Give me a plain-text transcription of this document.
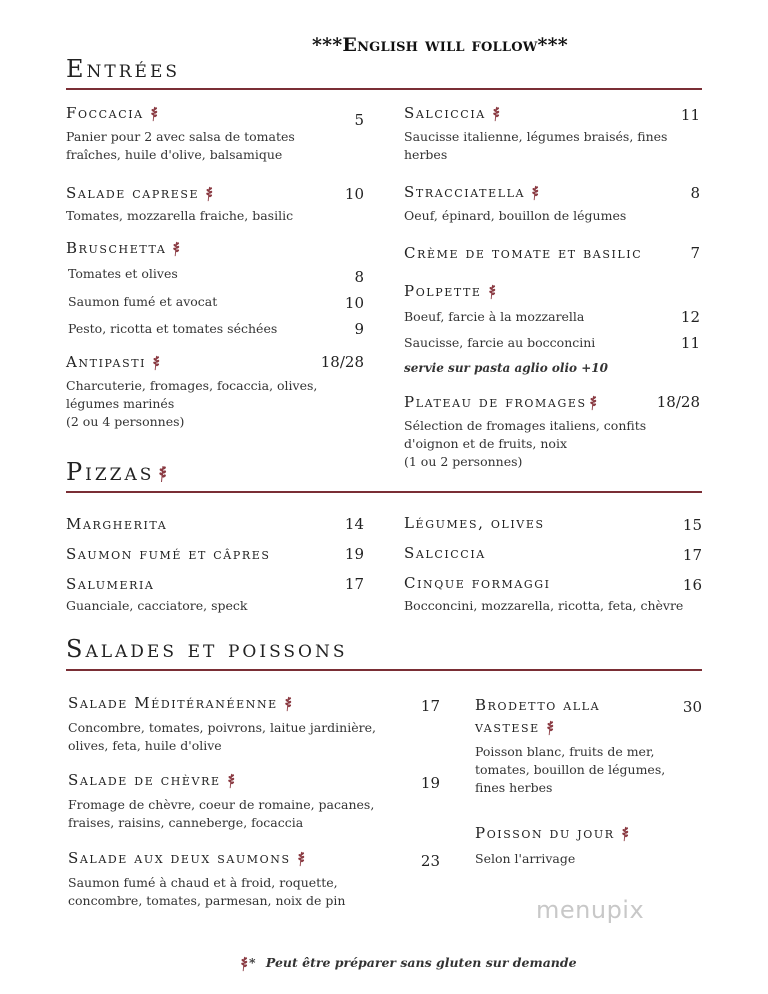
***English will follow***
Entrées
Foccacia
Panier pour 2 avec salsa de tomates fraîches, huile d'olive, balsamique
5
Salade caprese
Tomates, mozzarella fraiche, basilic
10
Bruschetta
Tomates et olives	8
Saumon fumé et avocat	10
Pesto, ricotta et tomates séchées	9
Antipasti
Charcuterie, fromages, focaccia, olives, légumes marinés
(2 ou 4 personnes)
18/28
Salciccia
Saucisse italienne, légumes braisés, fines herbes
11
Stracciatella
Oeuf, épinard, bouillon de légumes
8
Crème de tomate et basilic	7
Polpette
Boeuf, farcie à la mozzarella	12
Saucisse, farcie au bocconcini	11
servie sur pasta aglio olio +10
Plateau de fromages
Sélection de fromages italiens, confits d'oignon et de fruits, noix
(1 ou 2 personnes)
18/28
Pizzas
Margherita	14
Saumon fumé et câpres	19
Salumeria	17
Guanciale, cacciatore, speck
Légumes, olives	15
Salciccia	17
Cinque formaggi	16
Bocconcini, mozzarella, ricotta, feta, chèvre
Salades et poissons
Salade Méditéranéenne
Concombre, tomates, poivrons, laitue jardinière, olives, feta, huile d'olive
17
Salade de chèvre
Fromage de chèvre, coeur de romaine, pacanes, fraises, raisins, canneberge, focaccia
19
Salade aux deux saumons
Saumon fumé à chaud et à froid, roquette, concombre, tomates, parmesan, noix de pin
23
Brodetto alla
vastese
Poisson blanc, fruits de mer, tomates, bouillon de légumes, fines herbes
30
Poisson du jour
Selon l'arrivage
menupix
* Peut être préparer sans gluten sur demande
